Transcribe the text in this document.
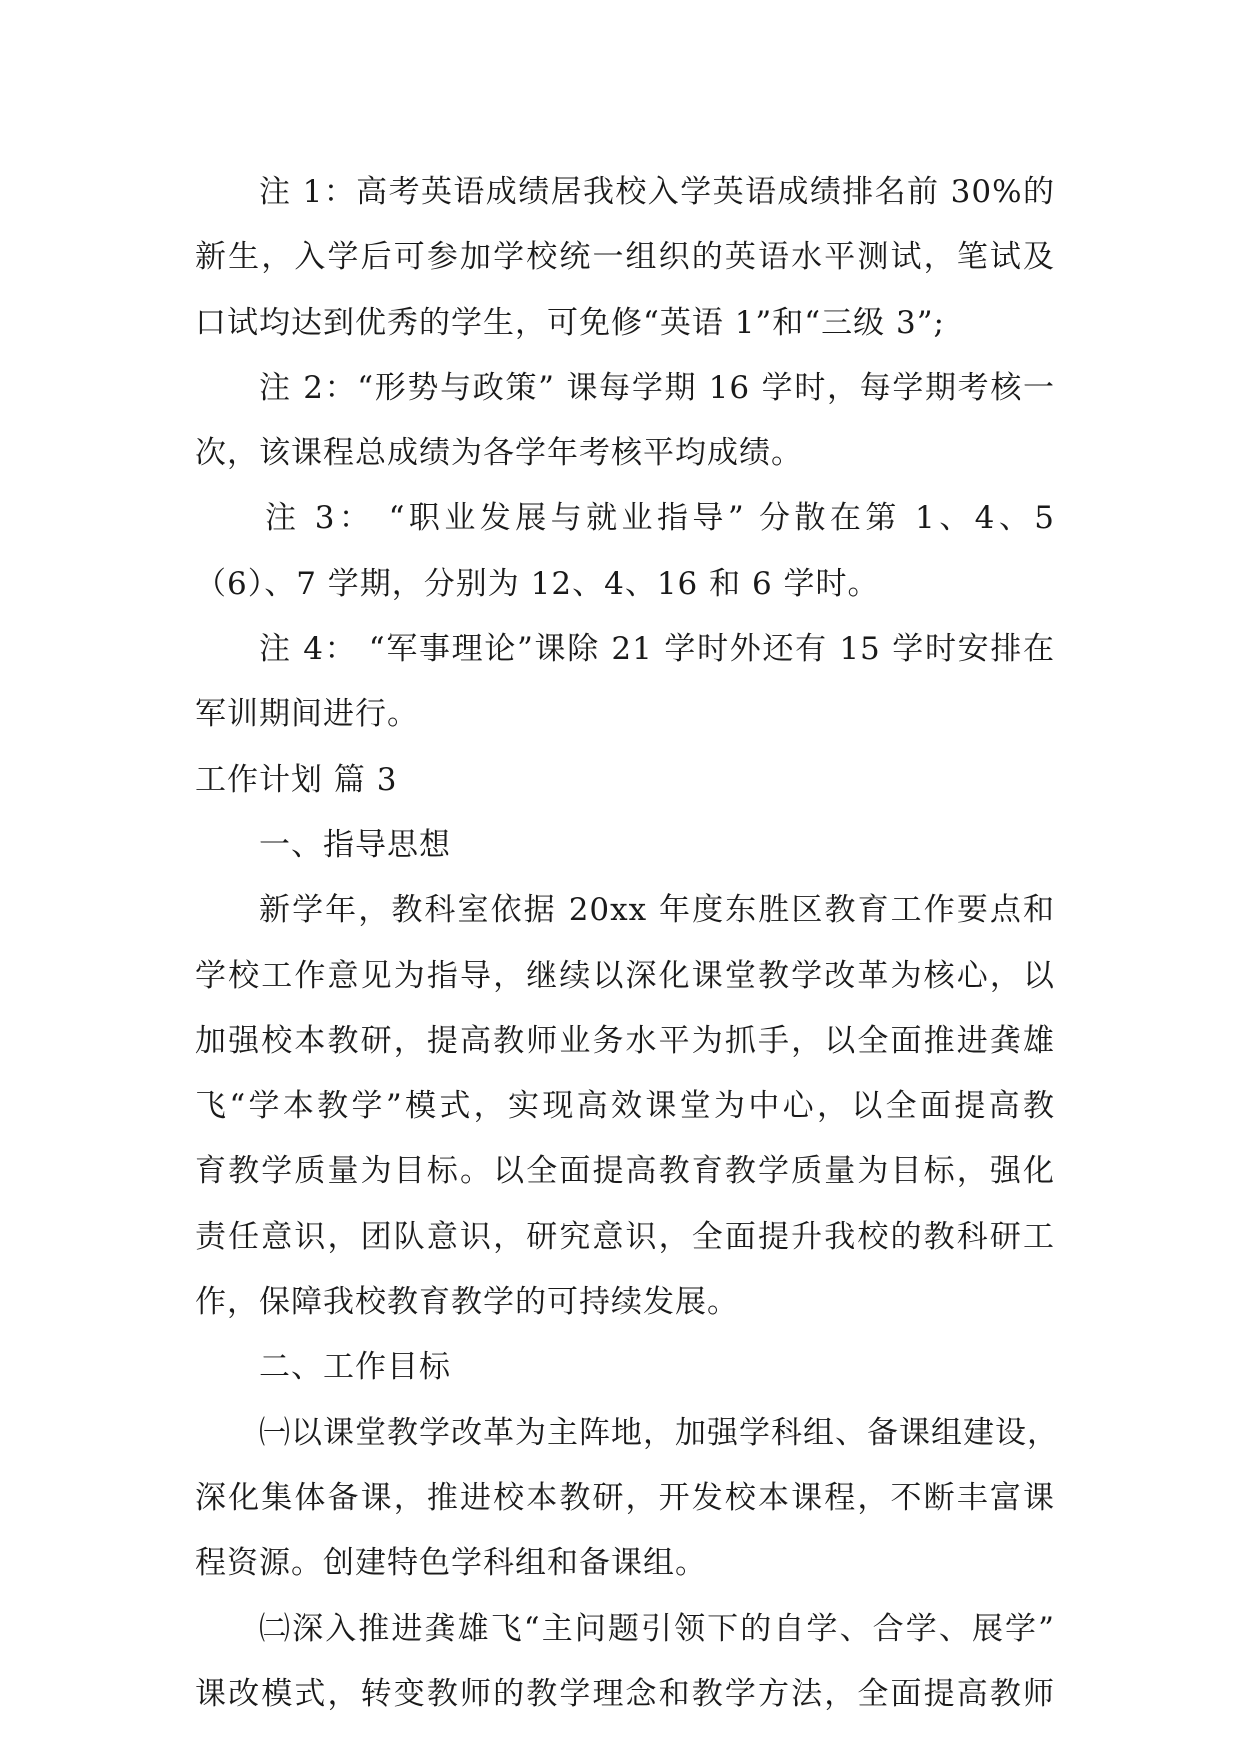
注 1：高考英语成绩居我校入学英语成绩排名前 30%的
新生，入学后可参加学校统一组织的英语水平测试，笔试及
口试均达到优秀的学生，可免修“英语 1”和“三级 3”;
注 2：“形势与政策” 课每学期 16 学时，每学期考核一
次，该课程总成绩为各学年考核平均成绩。
注 3： “职业发展与就业指导” 分散在第 1、4、5
（6）、7 学期，分别为 12、4、16 和 6 学时。
注 4： “军事理论”课除 21 学时外还有 15 学时安排在
军训期间进行。
工作计划 篇 3
一、指导思想
新学年，教科室依据 20xx 年度东胜区教育工作要点和
学校工作意见为指导，继续以深化课堂教学改革为核心，以
加强校本教研，提高教师业务水平为抓手，以全面推进龚雄
飞“学本教学”模式，实现高效课堂为中心，以全面提高教
育教学质量为目标。以全面提高教育教学质量为目标，强化
责任意识，团队意识，研究意识，全面提升我校的教科研工
作，保障我校教育教学的可持续发展。
二、工作目标
㈠以课堂教学改革为主阵地，加强学科组、备课组建设，
深化集体备课，推进校本教研，开发校本课程，不断丰富课
程资源。创建特色学科组和备课组。
㈡深入推进龚雄飞“主问题引领下的自学、合学、展学”
课改模式，转变教师的教学理念和教学方法，全面提高教师
